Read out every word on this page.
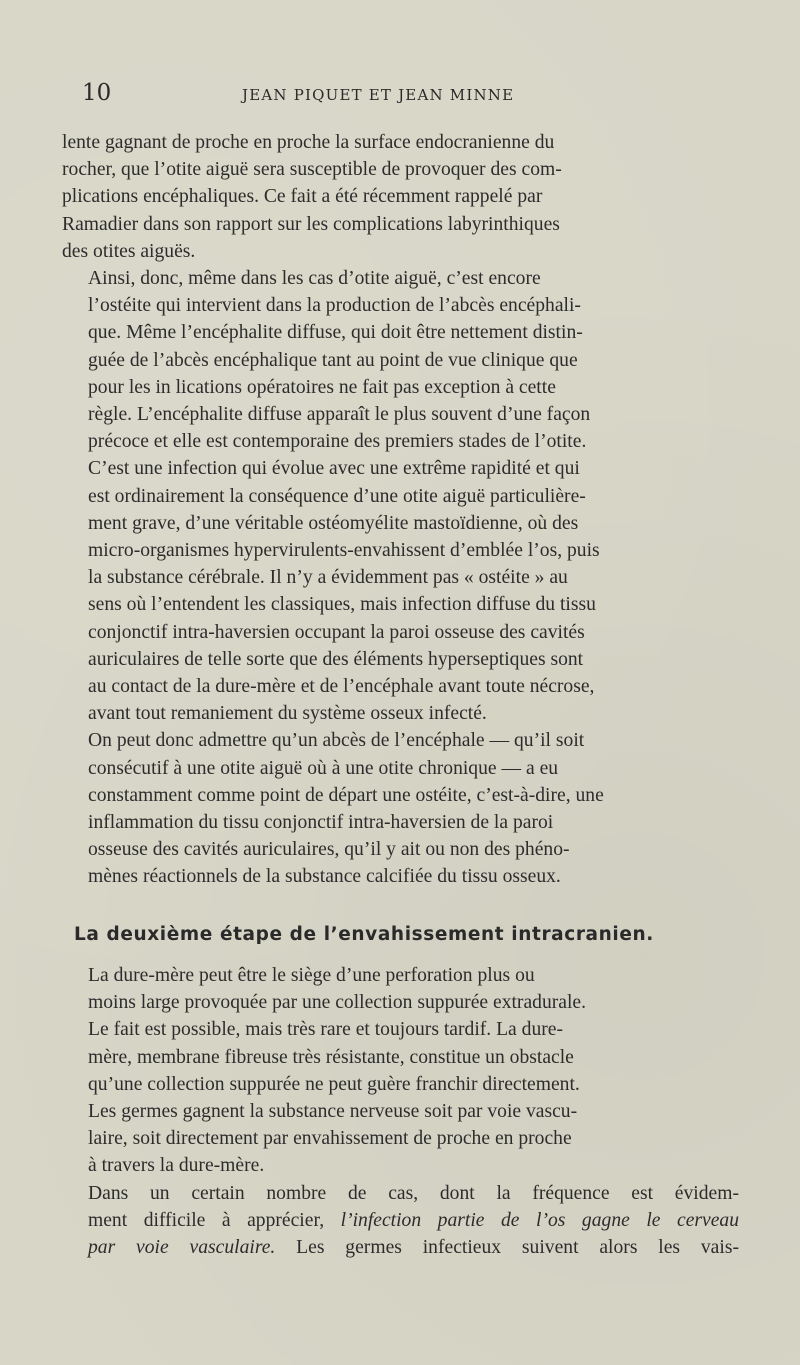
10	JEAN PIQUET ET JEAN MINNE

lente gagnant de proche en proche la surface endocranienne du
rocher, que l’otite aiguë sera susceptible de provoquer des com-
plications encéphaliques. Ce fait a été récemment rappelé par
Ramadier dans son rapport sur les complications labyrinthiques
des otites aiguës.

Ainsi, donc, même dans les cas d’otite aiguë, c’est encore
l’ostéite qui intervient dans la production de l’abcès encéphali-
que. Même l’encéphalite diffuse, qui doit être nettement distin-
guée de l’abcès encéphalique tant au point de vue clinique que
pour les in lications opératoires ne fait pas exception à cette
règle. L’encéphalite diffuse apparaît le plus souvent d’une façon
précoce et elle est contemporaine des premiers stades de l’otite.
C’est une infection qui évolue avec une extrême rapidité et qui
est ordinairement la conséquence d’une otite aiguë particulière-
ment grave, d’une véritable ostéomyélite mastoïdienne, où des
micro-organismes hypervirulents-envahissent d’emblée l’os, puis
la substance cérébrale. Il n’y a évidemment pas « ostéite » au
sens où l’entendent les classiques, mais infection diffuse du tissu
conjonctif intra-haversien occupant la paroi osseuse des cavités
auriculaires de telle sorte que des éléments hyperseptiques sont
au contact de la dure-mère et de l’encéphale avant toute nécrose,
avant tout remaniement du système osseux infecté.

On peut donc admettre qu’un abcès de l’encéphale — qu’il soit
consécutif à une otite aiguë où à une otite chronique — a eu
constamment comme point de départ une ostéite, c’est-à-dire, une
inflammation du tissu conjonctif intra-haversien de la paroi
osseuse des cavités auriculaires, qu’il y ait ou non des phéno-
mènes réactionnels de la substance calcifiée du tissu osseux.

La deuxième étape de l’envahissement intracranien.

La dure-mère peut être le siège d’une perforation plus ou
moins large provoquée par une collection suppurée extradurale.
Le fait est possible, mais très rare et toujours tardif. La dure-
mère, membrane fibreuse très résistante, constitue un obstacle
qu’une collection suppurée ne peut guère franchir directement.
Les germes gagnent la substance nerveuse soit par voie vascu-
laire, soit directement par envahissement de proche en proche
à travers la dure-mère.

Dans un certain nombre de cas, dont la fréquence est évidem-
ment difficile à apprécier, l’infection partie de l’os gagne le cerveau
par voie vasculaire. Les germes infectieux suivent alors les vais-
